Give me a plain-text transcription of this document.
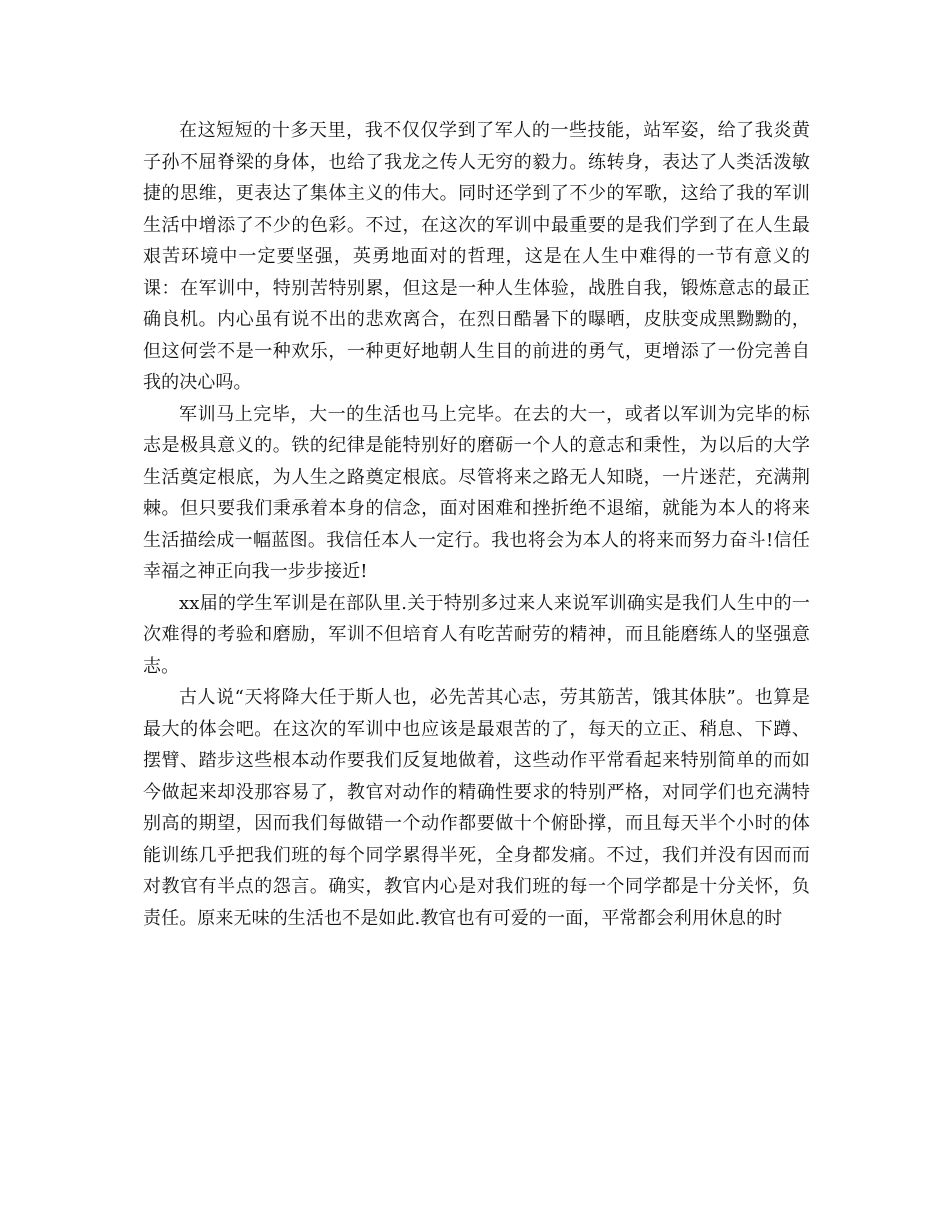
在这短短的十多天里，我不仅仅学到了军人的一些技能，站军姿，给了我炎黄子孙不屈脊梁的身体，也给了我龙之传人无穷的毅力。练转身，表达了人类活泼敏捷的思维，更表达了集体主义的伟大。同时还学到了不少的军歌，这给了我的军训生活中增添了不少的色彩。不过，在这次的军训中最重要的是我们学到了在人生最艰苦环境中一定要坚强，英勇地面对的哲理，这是在人生中难得的一节有意义的课：在军训中，特别苦特别累，但这是一种人生体验，战胜自我，锻炼意志的最正确良机。内心虽有说不出的悲欢离合，在烈日酷暑下的曝晒，皮肤变成黑黝黝的，但这何尝不是一种欢乐，一种更好地朝人生目的前进的勇气，更增添了一份完善自我的决心吗。

军训马上完毕，大一的生活也马上完毕。在去的大一，或者以军训为完毕的标志是极具意义的。铁的纪律是能特别好的磨砺一个人的意志和秉性，为以后的大学生活奠定根底，为人生之路奠定根底。尽管将来之路无人知晓，一片迷茫，充满荆棘。但只要我们秉承着本身的信念，面对困难和挫折绝不退缩，就能为本人的将来生活描绘成一幅蓝图。我信任本人一定行。我也将会为本人的将来而努力奋斗!信任幸福之神正向我一步步接近!

xx届的学生军训是在部队里.关于特别多过来人来说军训确实是我们人生中的一次难得的考验和磨励，军训不但培育人有吃苦耐劳的精神，而且能磨练人的坚强意志。

古人说“天将降大任于斯人也，必先苦其心志，劳其筋苦，饿其体肤”。也算是最大的体会吧。在这次的军训中也应该是最艰苦的了，每天的立正、稍息、下蹲、摆臂、踏步这些根本动作要我们反复地做着，这些动作平常看起来特别简单的而如今做起来却没那容易了，教官对动作的精确性要求的特别严格，对同学们也充满特别高的期望，因而我们每做错一个动作都要做十个俯卧撑，而且每天半个小时的体能训练几乎把我们班的每个同学累得半死，全身都发痛。不过，我们并没有因而而对教官有半点的怨言。确实，教官内心是对我们班的每一个同学都是十分关怀，负责任。原来无味的生活也不是如此.教官也有可爱的一面，平常都会利用休息的时
